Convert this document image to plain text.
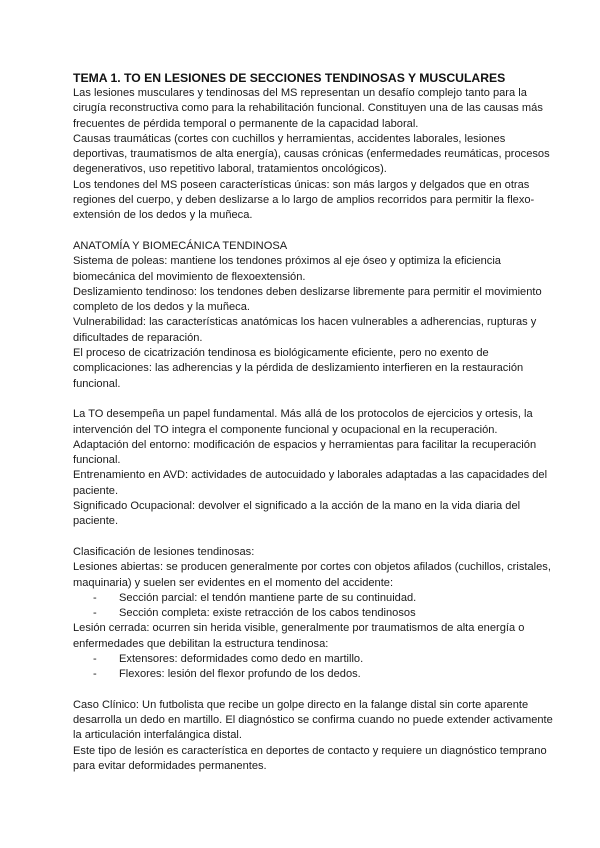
TEMA 1. TO EN LESIONES DE SECCIONES TENDINOSAS Y MUSCULARES

Las lesiones musculares y tendinosas del MS representan un desafío complejo tanto para la cirugía reconstructiva como para la rehabilitación funcional. Constituyen una de las causas más frecuentes de pérdida temporal o permanente de la capacidad laboral.

Causas traumáticas (cortes con cuchillos y herramientas, accidentes laborales, lesiones deportivas, traumatismos de alta energía), causas crónicas (enfermedades reumáticas, procesos degenerativos, uso repetitivo laboral, tratamientos oncológicos).

Los tendones del MS poseen características únicas: son más largos y delgados que en otras regiones del cuerpo, y deben deslizarse a lo largo de amplios recorridos para permitir la flexo-extensión de los dedos y la muñeca.

ANATOMÍA Y BIOMECÁNICA TENDINOSA

Sistema de poleas: mantiene los tendones próximos al eje óseo y optimiza la eficiencia biomecánica del movimiento de flexoextensión.

Deslizamiento tendinoso: los tendones deben deslizarse libremente para permitir el movimiento completo de los dedos y la muñeca.

Vulnerabilidad: las características anatómicas los hacen vulnerables a adherencias, rupturas y dificultades de reparación.

El proceso de cicatrización tendinosa es biológicamente eficiente, pero no exento de complicaciones: las adherencias y la pérdida de deslizamiento interfieren en la restauración funcional.

La TO desempeña un papel fundamental. Más allá de los protocolos de ejercicios y ortesis, la intervención del TO integra el componente funcional y ocupacional en la recuperación.

Adaptación del entorno: modificación de espacios y herramientas para facilitar la recuperación funcional.

Entrenamiento en AVD: actividades de autocuidado y laborales adaptadas a las capacidades del paciente.

Significado Ocupacional: devolver el significado a la acción de la mano en la vida diaria del paciente.

Clasificación de lesiones tendinosas:

Lesiones abiertas: se producen generalmente por cortes con objetos afilados (cuchillos, cristales, maquinaria) y suelen ser evidentes en el momento del accidente:

- Sección parcial: el tendón mantiene parte de su continuidad.
- Sección completa: existe retracción de los cabos tendinosos

Lesión cerrada: ocurren sin herida visible, generalmente por traumatismos de alta energía o enfermedades que debilitan la estructura tendinosa:

- Extensores: deformidades como dedo en martillo.
- Flexores: lesión del flexor profundo de los dedos.

Caso Clínico: Un futbolista que recibe un golpe directo en la falange distal sin corte aparente desarrolla un dedo en martillo. El diagnóstico se confirma cuando no puede extender activamente la articulación interfalángica distal.

Este tipo de lesión es característica en deportes de contacto y requiere un diagnóstico temprano para evitar deformidades permanentes.
